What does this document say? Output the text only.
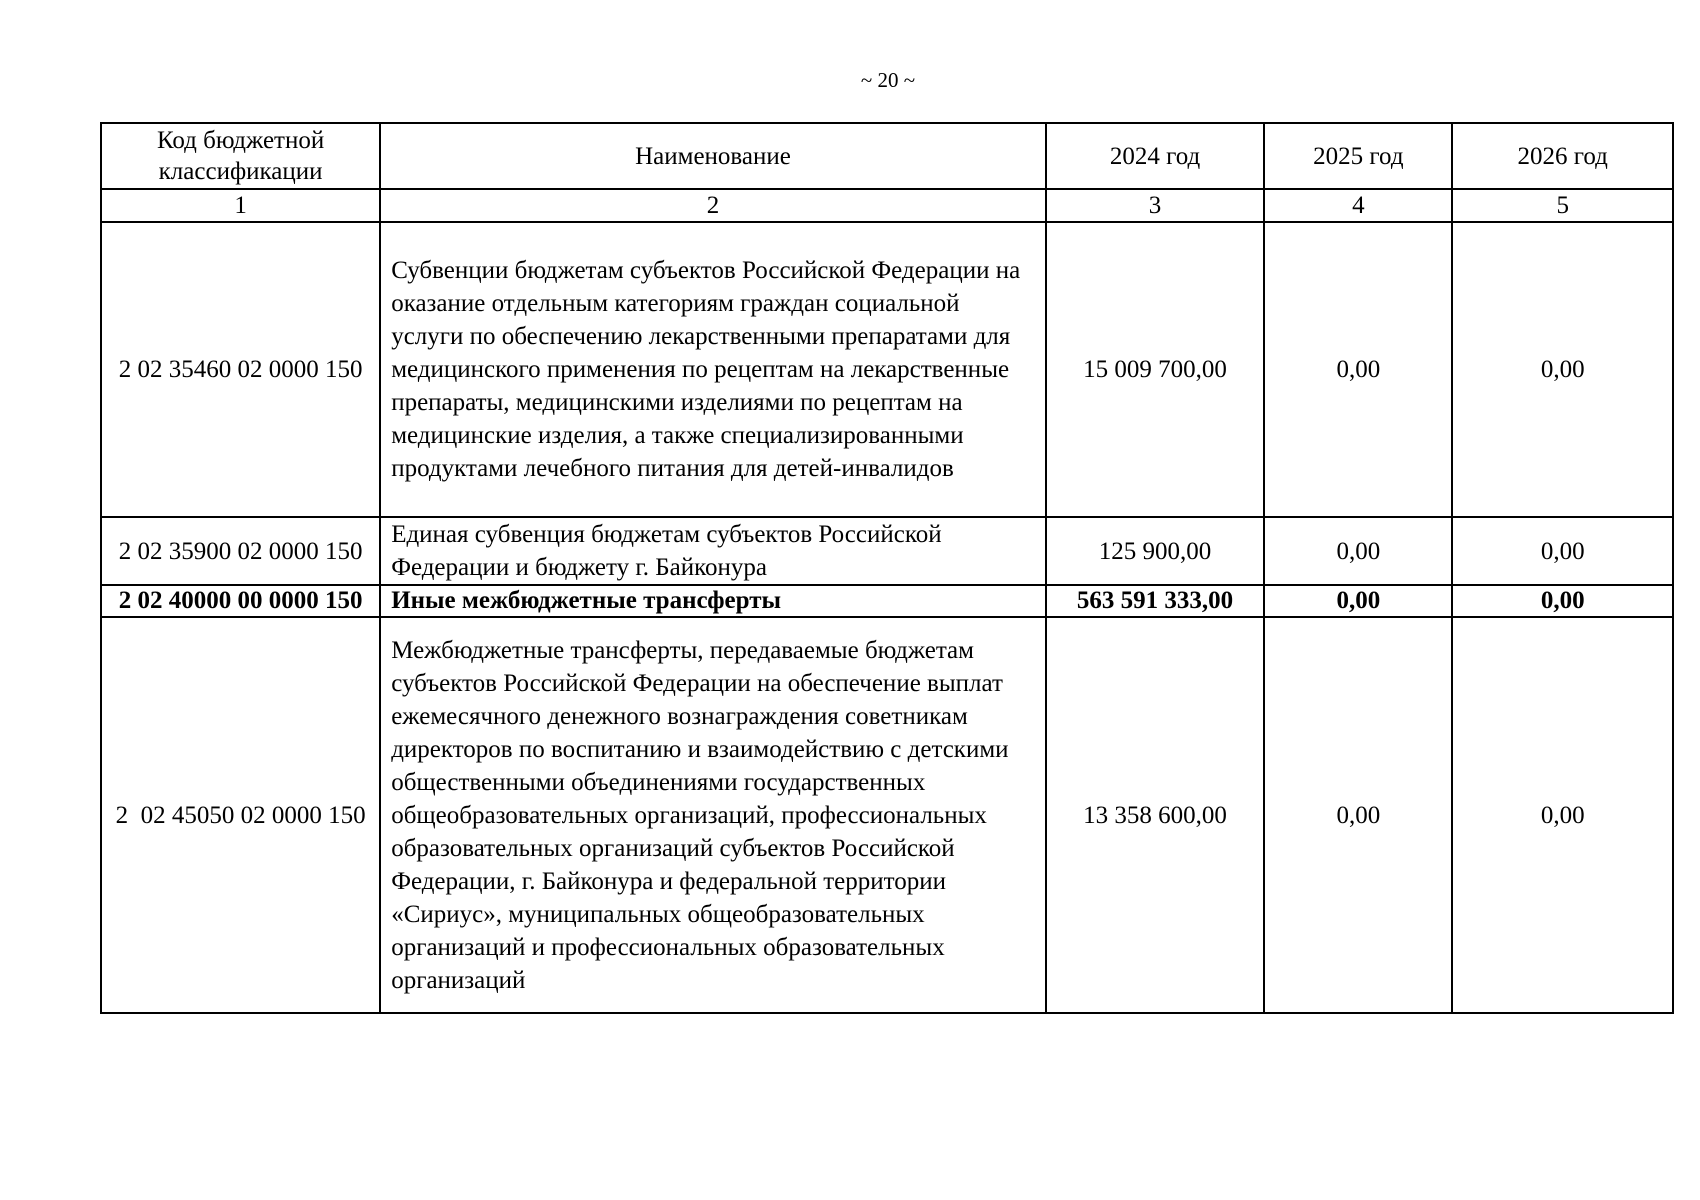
~ 20 ~
Код бюджетной классификации	Наименование	2024 год	2025 год	2026 год
1	2	3	4	5
2 02 35460 02 0000 150	Субвенции бюджетам субъектов Российской Федерации на оказание отдельным категориям граждан социальной услуги по обеспечению лекарственными препаратами для медицинского применения по рецептам на лекарственные препараты, медицинскими изделиями по рецептам на медицинские изделия, а также специализированными продуктами лечебного питания для детей-инвалидов	15 009 700,00	0,00	0,00
2 02 35900 02 0000 150	Единая субвенция бюджетам субъектов Российской Федерации и бюджету г. Байконура	125 900,00	0,00	0,00
2 02 40000 00 0000 150	Иные межбюджетные трансферты	563 591 333,00	0,00	0,00
2  02 45050 02 0000 150	Межбюджетные трансферты, передаваемые бюджетам субъектов Российской Федерации на обеспечение выплат ежемесячного денежного вознаграждения советникам директоров по воспитанию и взаимодействию с детскими общественными объединениями государственных общеобразовательных организаций, профессиональных образовательных организаций субъектов Российской Федерации, г. Байконура и федеральной территории «Сириус», муниципальных общеобразовательных организаций и профессиональных образовательных организаций	13 358 600,00	0,00	0,00
